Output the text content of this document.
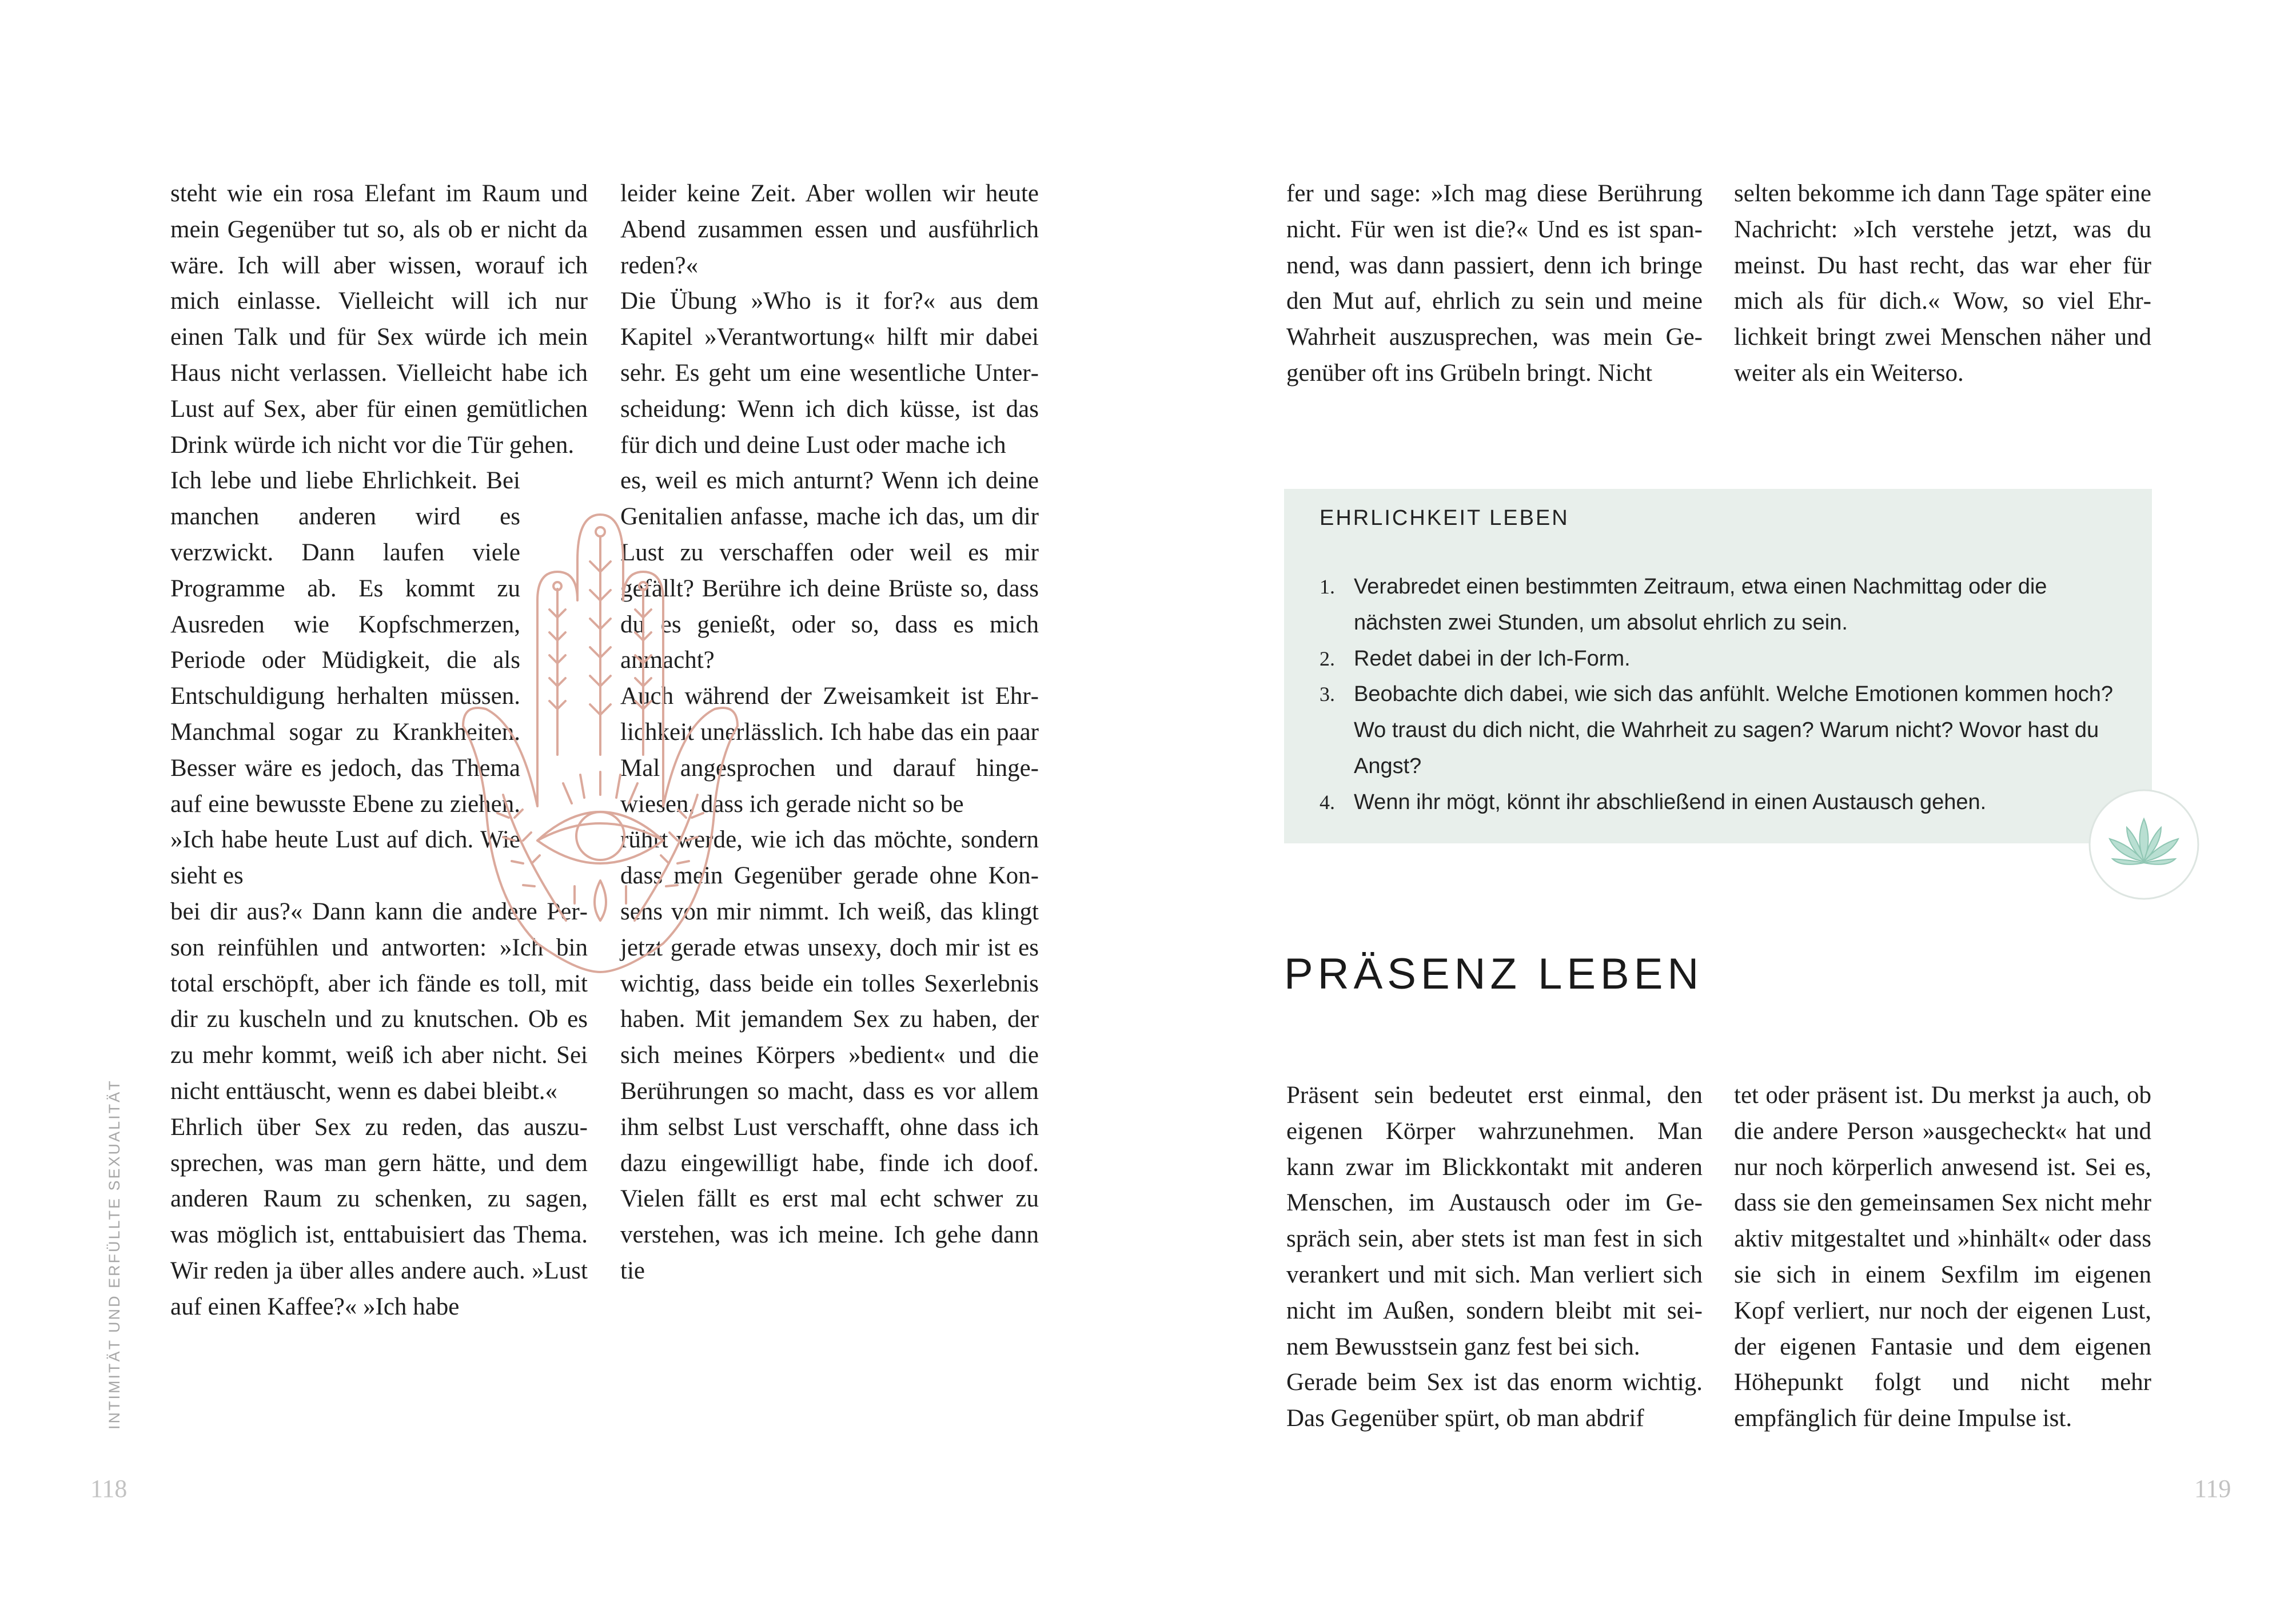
steht wie ein rosa Elefant im Raum und mein Gegenüber tut so, als ob er nicht da wäre. Ich will aber wissen, worauf ich mich einlasse. Vielleicht will ich nur einen Talk und für Sex würde ich mein Haus nicht verlassen. Vielleicht habe ich Lust auf Sex, aber für einen gemütlichen Drink würde ich nicht vor die Tür gehen.

Ich lebe und liebe Ehrlichkeit. Bei manchen anderen wird es verzwickt. Dann laufen viele Programme ab. Es kommt zu Ausreden wie Kopfschmerzen, Periode oder Müdigkeit, die als Entschuldigung herhalten müssen. Manchmal sogar zu Krankheiten. Besser wäre es jedoch, das Thema auf eine bewusste Ebene zu ziehen. »Ich habe heute Lust auf dich. Wie sieht es

bei dir aus?« Dann kann die andere Person reinfühlen und antworten: »Ich bin total erschöpft, aber ich fände es toll, mit dir zu kuscheln und zu knutschen. Ob es zu mehr kommt, weiß ich aber nicht. Sei nicht enttäuscht, wenn es dabei bleibt.«

Ehrlich über Sex zu reden, das auszusprechen, was man gern hätte, und dem anderen Raum zu schenken, zu sagen, was möglich ist, enttabuisiert das Thema. Wir reden ja über alles andere auch. »Lust auf einen Kaffee?« »Ich habe

leider keine Zeit. Aber wollen wir heute Abend zusammen essen und ausführlich reden?«

Die Übung »Who is it for?« aus dem Kapitel »Verantwortung« hilft mir dabei sehr. Es geht um eine wesentliche Unterscheidung: Wenn ich dich küsse, ist das für dich und deine Lust oder mache ich

es, weil es mich anturnt? Wenn ich deine Genitalien anfasse, mache ich das, um dir Lust zu verschaffen oder weil es mir gefällt? Berühre ich deine Brüste so, dass du es genießt, oder so, dass es mich anmacht?

Auch während der Zweisamkeit ist Ehrlichkeit unerlässlich. Ich habe das ein paar Mal angesprochen und darauf hingewiesen, dass ich gerade nicht so be

rührt werde, wie ich das möchte, sondern dass mein Gegenüber gerade ohne Konsens von mir nimmt. Ich weiß, das klingt jetzt gerade etwas unsexy, doch mir ist es wichtig, dass beide ein tolles Sexerlebnis haben. Mit jemandem Sex zu haben, der sich meines Körpers »bedient« und die Berührungen so macht, dass es vor allem ihm selbst Lust verschafft, ohne dass ich dazu eingewilligt habe, finde ich doof. Vielen fällt es erst mal echt schwer zu verstehen, was ich meine. Ich gehe dann tie

INTIMITÄT UND ERFÜLLTE SEXUALITÄT
118

fer und sage: »Ich mag diese Berührung nicht. Für wen ist die?« Und es ist spannend, was dann passiert, denn ich bringe den Mut auf, ehrlich zu sein und meine Wahrheit auszusprechen, was mein Gegenüber oft ins Grübeln bringt. Nicht

selten bekomme ich dann Tage später eine Nachricht: »Ich verstehe jetzt, was du meinst. Du hast recht, das war eher für mich als für dich.« Wow, so viel Ehrlichkeit bringt zwei Menschen näher und weiter als ein Weiterso.

EHRLICHKEIT LEBEN
1. Verabredet einen bestimmten Zeitraum, etwa einen Nachmittag oder die nächsten zwei Stunden, um absolut ehrlich zu sein.
2. Redet dabei in der Ich-Form.
3. Beobachte dich dabei, wie sich das anfühlt. Welche Emotionen kommen hoch? Wo traust du dich nicht, die Wahrheit zu sagen? Warum nicht? Wovor hast du Angst?
4. Wenn ihr mögt, könnt ihr abschließend in einen Austausch gehen.
PRÄSENZ LEBEN

Präsent sein bedeutet erst einmal, den eigenen Körper wahrzunehmen. Man kann zwar im Blickkontakt mit anderen Menschen, im Austausch oder im Gespräch sein, aber stets ist man fest in sich verankert und mit sich. Man verliert sich nicht im Außen, sondern bleibt mit seinem Bewusstsein ganz fest bei sich.

Gerade beim Sex ist das enorm wichtig. Das Gegenüber spürt, ob man abdrif

tet oder präsent ist. Du merkst ja auch, ob die andere Person »ausgecheckt« hat und nur noch körperlich anwesend ist. Sei es, dass sie den gemeinsamen Sex nicht mehr aktiv mitgestaltet und »hinhält« oder dass sie sich in einem Sexfilm im eigenen Kopf verliert, nur noch der eigenen Lust, der eigenen Fantasie und dem eigenen Höhepunkt folgt und nicht mehr empfänglich für deine Impulse ist.

119
